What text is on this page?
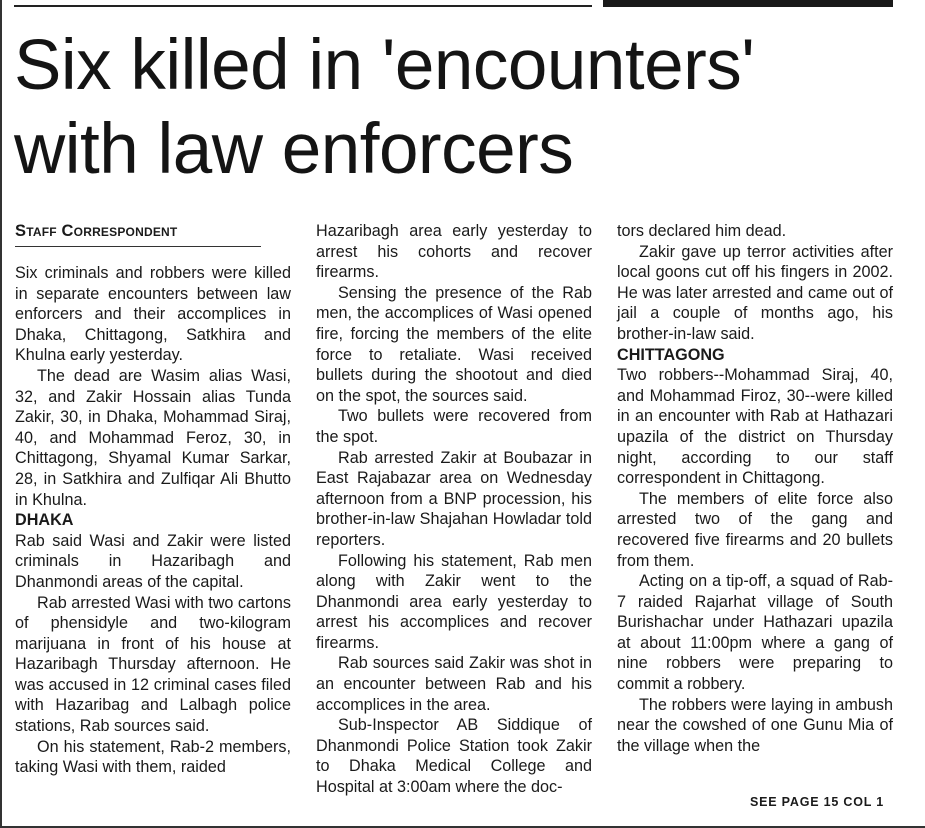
Six killed in 'encounters'
with law enforcers
Staff Correspondent

Six criminals and robbers were killed in separate encounters between law enforcers and their accomplices in Dhaka, Chittagong, Satkhira and Khulna early yesterday.

The dead are Wasim alias Wasi, 32, and Zakir Hossain alias Tunda Zakir, 30, in Dhaka, Mohammad Siraj, 40, and Mohammad Feroz, 30, in Chittagong, Shyamal Kumar Sarkar, 28, in Satkhira and Zulfiqar Ali Bhutto in Khulna.

DHAKA

Rab said Wasi and Zakir were listed criminals in Hazaribagh and Dhanmondi areas of the capital.

Rab arrested Wasi with two cartons of phensidyle and two-kilogram marijuana in front of his house at Hazaribagh Thursday afternoon. He was accused in 12 criminal cases filed with Hazaribag and Lalbagh police stations, Rab sources said.

On his statement, Rab-2 members, taking Wasi with them, raided

Hazaribagh area early yesterday to arrest his cohorts and recover firearms.

Sensing the presence of the Rab men, the accomplices of Wasi opened fire, forcing the members of the elite force to retaliate. Wasi received bullets during the shootout and died on the spot, the sources said.

Two bullets were recovered from the spot.

Rab arrested Zakir at Boubazar in East Rajabazar area on Wednesday afternoon from a BNP procession, his brother-in-law Shajahan Howladar told reporters.

Following his statement, Rab men along with Zakir went to the Dhanmondi area early yesterday to arrest his accomplices and recover firearms.

Rab sources said Zakir was shot in an encounter between Rab and his accomplices in the area.

Sub-Inspector AB Siddique of Dhanmondi Police Station took Zakir to Dhaka Medical College and Hospital at 3:00am where the doc-

tors declared him dead.

Zakir gave up terror activities after local goons cut off his fingers in 2002. He was later arrested and came out of jail a couple of months ago, his brother-in-law said.

CHITTAGONG

Two robbers--Mohammad Siraj, 40, and Mohammad Firoz, 30--were killed in an encounter with Rab at Hathazari upazila of the district on Thursday night, according to our staff correspondent in Chittagong.

The members of elite force also arrested two of the gang and recovered five firearms and 20 bullets from them.

Acting on a tip-off, a squad of Rab-7 raided Rajarhat village of South Burishachar under Hathazari upazila at about 11:00pm where a gang of nine robbers were preparing to commit a robbery.

The robbers were laying in ambush near the cowshed of one Gunu Mia of the village when the

SEE PAGE 15 COL 1
